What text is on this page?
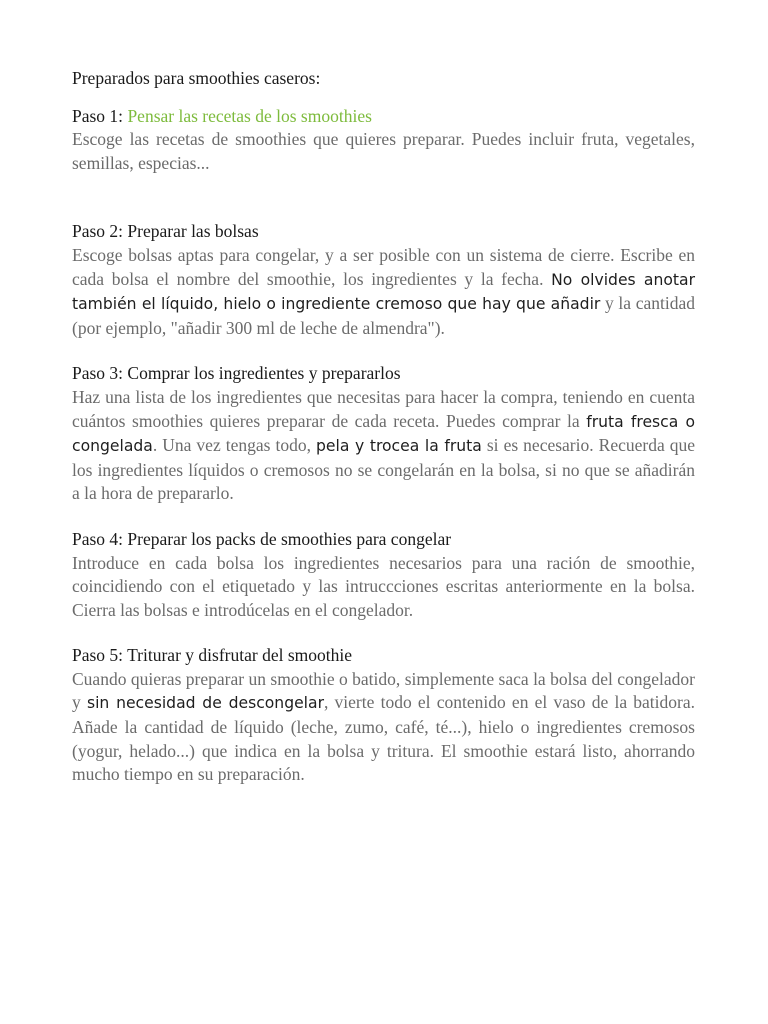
Preparados para smoothies caseros:

Paso 1: Pensar las recetas de los smoothies

Escoge las recetas de smoothies que quieres preparar. Puedes incluir fruta, vegetales, semillas, especias...

Paso 2: Preparar las bolsas

Escoge bolsas aptas para congelar, y a ser posible con un sistema de cierre. Escribe en cada bolsa el nombre del smoothie, los ingredientes y la fecha. No olvides anotar también el líquido, hielo o ingrediente cremoso que hay que añadir y la cantidad (por ejemplo, "añadir 300 ml de leche de almendra").

Paso 3: Comprar los ingredientes y prepararlos

Haz una lista de los ingredientes que necesitas para hacer la compra, teniendo en cuenta cuántos smoothies quieres preparar de cada receta. Puedes comprar la fruta fresca o congelada. Una vez tengas todo, pela y trocea la fruta si es necesario. Recuerda que los ingredientes líquidos o cremosos no se congelarán en la bolsa, si no que se añadirán a la hora de prepararlo.

Paso 4: Preparar los packs de smoothies para congelar

Introduce en cada bolsa los ingredientes necesarios para una ración de smoothie, coincidiendo con el etiquetado y las intruccciones escritas anteriormente en la bolsa. Cierra las bolsas e introdúcelas en el congelador.

Paso 5: Triturar y disfrutar del smoothie

Cuando quieras preparar un smoothie o batido, simplemente saca la bolsa del congelador y sin necesidad de descongelar, vierte todo el contenido en el vaso de la batidora. Añade la cantidad de líquido (leche, zumo, café, té...), hielo o ingredientes cremosos (yogur, helado...) que indica en la bolsa y tritura. El smoothie estará listo, ahorrando mucho tiempo en su preparación.
